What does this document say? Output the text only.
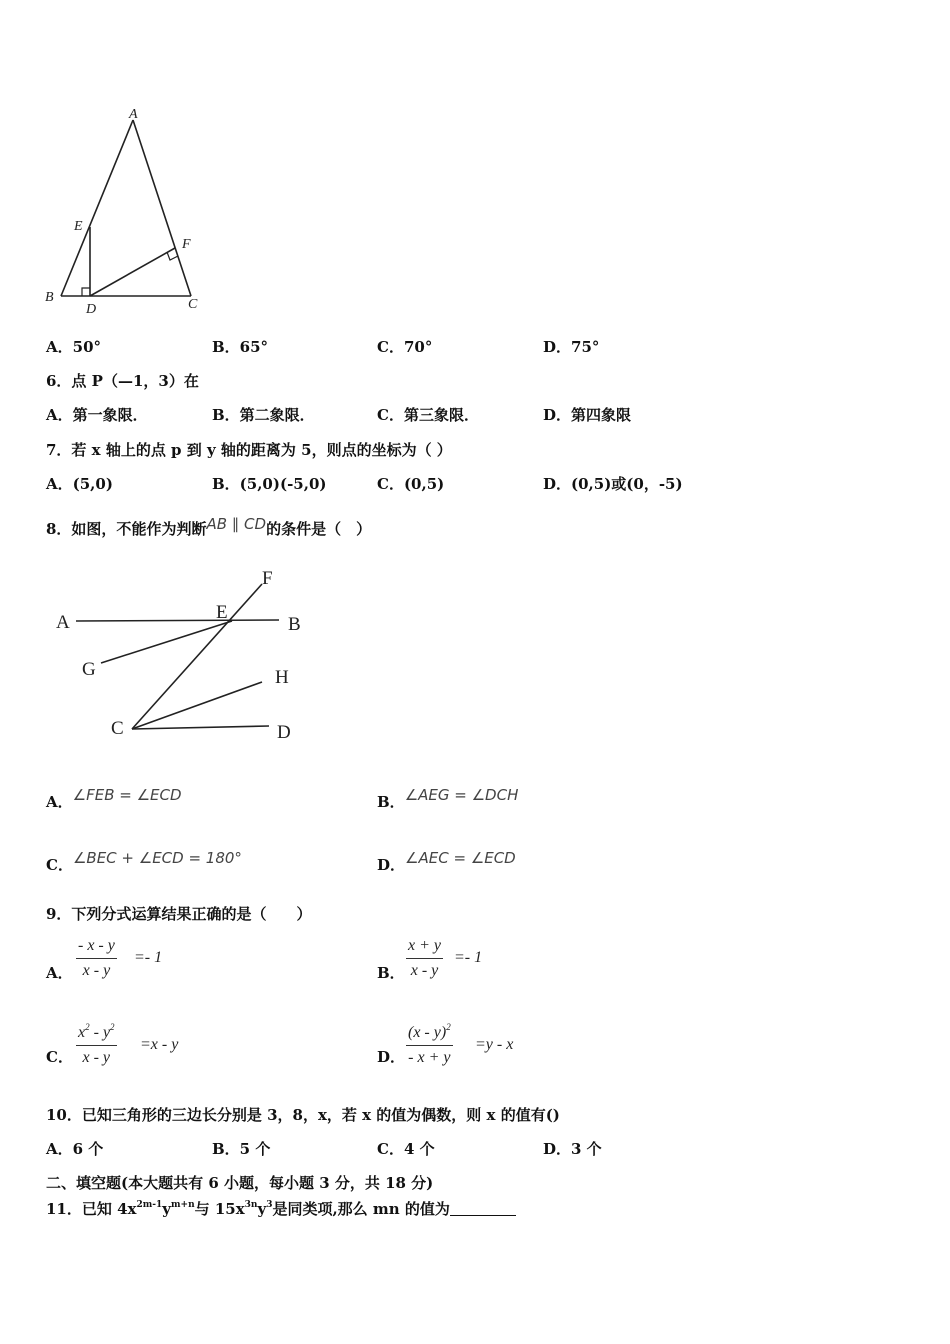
A
E
F
B
D	C
A．50°	B．65°	C．70°	D．75°
6．点 P（—1，3）在
A．第一象限．	B．第二象限．	C．第三象限．	D．第四象限
7．若 x 轴上的点 p 到 y 轴的距离为 5，则点的坐标为（ ）
A．(5,0)	B．(5,0)(-5,0)	C．(0,5)	D．(0,5)或(0，-5)
8．如图，不能作为判断AB ∥ CD的条件是（　）
F
A	E
B
G	H
C	D
A．∠FEB = ∠ECD	B．∠AEG = ∠DCH
C．∠BEC + ∠ECD = 180°	D．∠AEC = ∠ECD
9．下列分式运算结果正确的是（　　）
A．
- x - y
x - y
=- 1
B．
x + y
x - y
=- 1
C．
$x^2 - y^2$
x - y
=x - y
D．
(x - y)$^2$
- x + y
=y - x
10．已知三角形的三边长分别是 3，8，x，若 x 的值为偶数，则 x 的值有()
A．6 个	B．5 个	C．4 个	D．3 个
二、填空题(本大题共有 6 小题，每小题 3 分，共 18 分)
11．已知 $4x^{2m-1}y^{m+n}$与 $15x^{3n}y^3$是同类项,那么 mn 的值为
